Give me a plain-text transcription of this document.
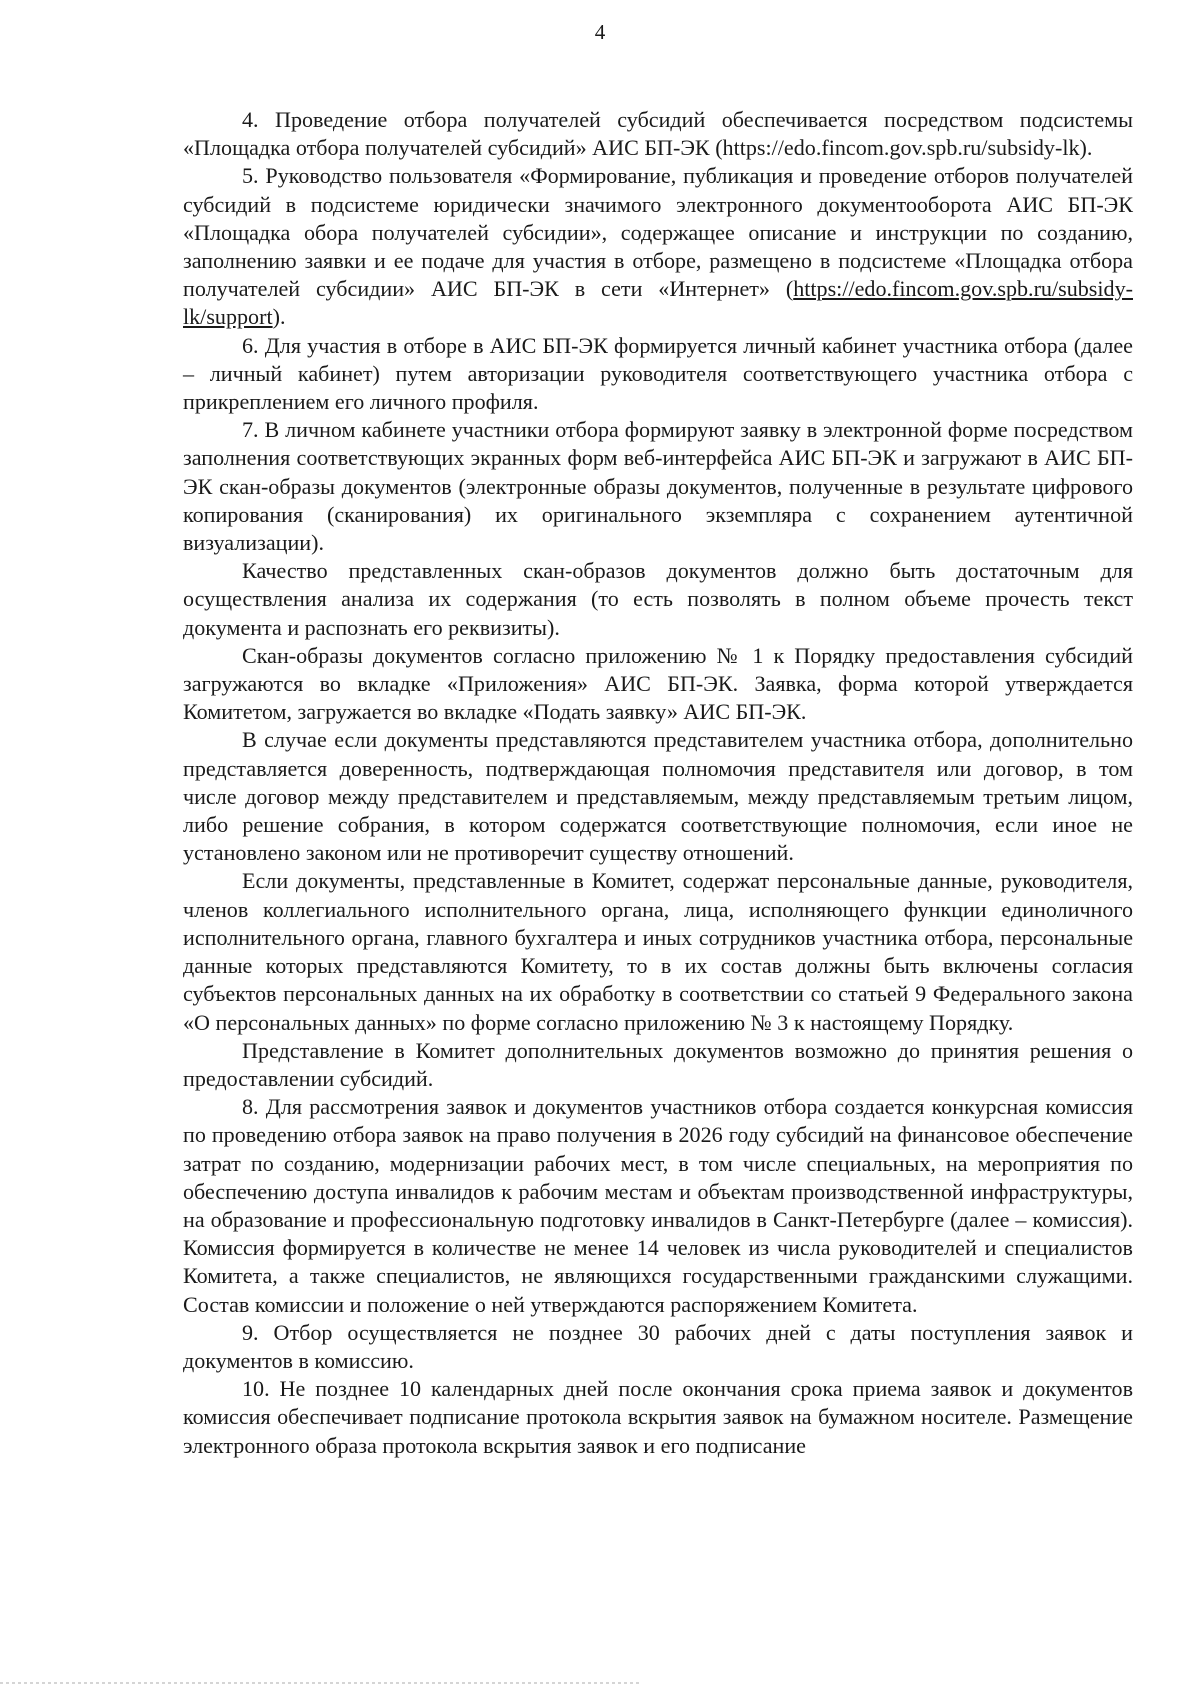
4

4. Проведение отбора получателей субсидий обеспечивается посредством подсистемы «Площадка отбора получателей субсидий» АИС БП-ЭК (https://edo.fincom.gov.spb.ru/subsidy-lk).

5. Руководство пользователя «Формирование, публикация и проведение отборов получателей субсидий в подсистеме юридически значимого электронного документооборота АИС БП-ЭК «Площадка обора получателей субсидии», содержащее описание и инструкции по созданию, заполнению заявки и ее подаче для участия в отборе, размещено в подсистеме «Площадка отбора получателей субсидии» АИС БП-ЭК в сети «Интернет» (https://edo.fincom.gov.spb.ru/subsidy-lk/support).

6. Для участия в отборе в АИС БП-ЭК формируется личный кабинет участника отбора (далее – личный кабинет) путем авторизации руководителя соответствующего участника отбора с прикреплением его личного профиля.

7. В личном кабинете участники отбора формируют заявку в электронной форме посредством заполнения соответствующих экранных форм веб-интерфейса АИС БП-ЭК и загружают в АИС БП-ЭК скан-образы документов (электронные образы документов, полученные в результате цифрового копирования (сканирования) их оригинального экземпляра с сохранением аутентичной визуализации).

Качество представленных скан-образов документов должно быть достаточным для осуществления анализа их содержания (то есть позволять в полном объеме прочесть текст документа и распознать его реквизиты).

Скан-образы документов согласно приложению № 1 к Порядку предоставления субсидий загружаются во вкладке «Приложения» АИС БП-ЭК. Заявка, форма которой утверждается Комитетом, загружается во вкладке «Подать заявку» АИС БП-ЭК.

В случае если документы представляются представителем участника отбора, дополнительно представляется доверенность, подтверждающая полномочия представителя или договор, в том числе договор между представителем и представляемым, между представляемым третьим лицом, либо решение собрания, в котором содержатся соответствующие полномочия, если иное не установлено законом или не противоречит существу отношений.

Если документы, представленные в Комитет, содержат персональные данные, руководителя, членов коллегиального исполнительного органа, лица, исполняющего функции единоличного исполнительного органа, главного бухгалтера и иных сотрудников участника отбора, персональные данные которых представляются Комитету, то в их состав должны быть включены согласия субъектов персональных данных на их обработку в соответствии со статьей 9 Федерального закона «О персональных данных» по форме согласно приложению № 3 к настоящему Порядку.

Представление в Комитет дополнительных документов возможно до принятия решения о предоставлении субсидий.

8. Для рассмотрения заявок и документов участников отбора создается конкурсная комиссия по проведению отбора заявок на право получения в 2026 году субсидий на финансовое обеспечение затрат по созданию, модернизации рабочих мест, в том числе специальных, на мероприятия по обеспечению доступа инвалидов к рабочим местам и объектам производственной инфраструктуры, на образование и профессиональную подготовку инвалидов в Санкт-Петербурге (далее – комиссия). Комиссия формируется в количестве не менее 14 человек из числа руководителей и специалистов Комитета, а также специалистов, не являющихся государственными гражданскими служащими. Состав комиссии и положение о ней утверждаются распоряжением Комитета.

9. Отбор осуществляется не позднее 30 рабочих дней с даты поступления заявок и документов в комиссию.

10. Не позднее 10 календарных дней после окончания срока приема заявок и документов комиссия обеспечивает подписание протокола вскрытия заявок на бумажном носителе. Размещение электронного образа протокола вскрытия заявок и его подписание
